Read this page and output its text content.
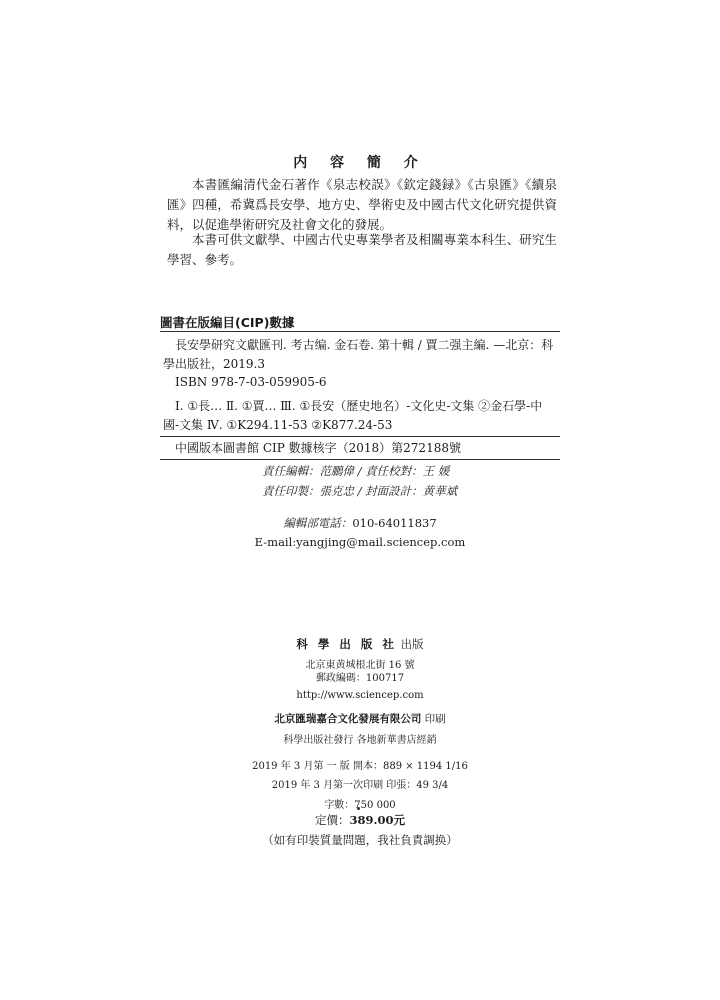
内 容 簡 介
本書匯編清代金石著作《泉志校誤》《欽定錢録》《古泉匯》《續泉匯》四種，希冀爲長安學、地方史、學術史及中國古代文化研究提供資料，以促進學術研究及社會文化的發展。
本書可供文獻學、中國古代史專業學者及相關專業本科生、研究生學習、參考。
圖書在版編目(CIP)數據
長安學研究文獻匯刊. 考古编. 金石卷. 第十輯 / 賈二强主編. —北京：科學出版社，2019.3
ISBN 978-7-03-059905-6
Ⅰ. ①長… Ⅱ. ①賈… Ⅲ. ①長安（歷史地名）-文化史-文集 ②金石學-中國-文集 Ⅳ. ①K294.11-53 ②K877.24-53
中國版本圖書館 CIP 數據核字（2018）第272188號
責任編輯：范鵬偉 / 責任校對：王 媛
責任印製：張克忠 / 封面設計：黄華斌
編輯部電話：010-64011837
E-mail:yangjing@mail.sciencep.com
科 學 出 版 社 出版
北京東黄城根北街 16 號
郵政編碼：100717
http://www.sciencep.com
北京匯瑞嘉合文化發展有限公司 印刷
科學出版社發行 各地新華書店經銷
2019 年 3 月第 一 版 開本：889 × 1194 1/16
2019 年 3 月第一次印刷 印張：49 3/4
字數：750 000
定價：389.00元
（如有印裝質量問題，我社負責調换）
